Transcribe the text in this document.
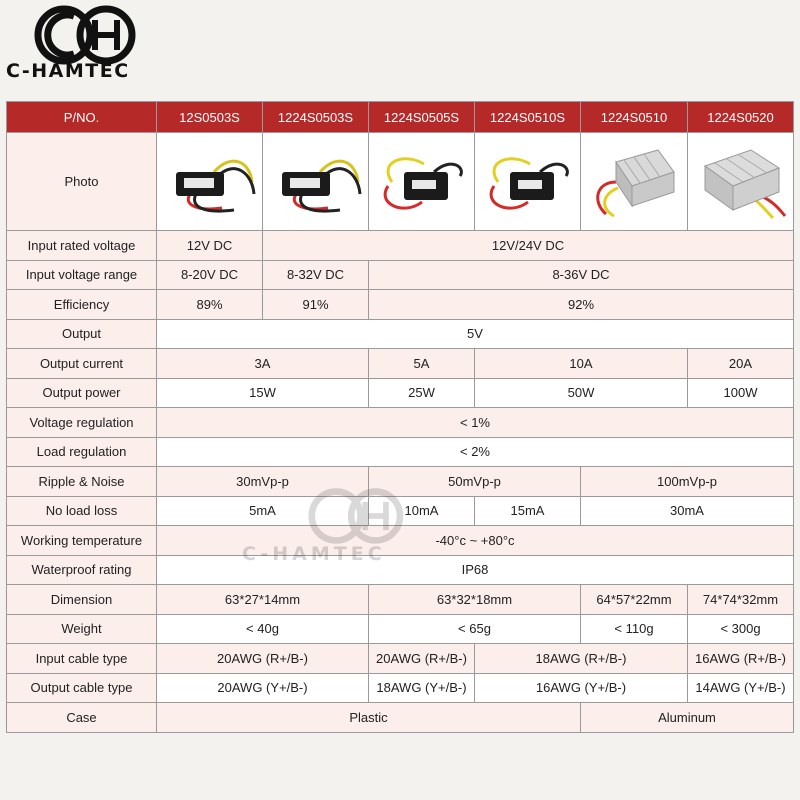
C-HAMTEC
P/NO.	12S0503S	1224S0503S	1224S0505S	1224S0510S	1224S0510	1224S0520
Photo	

Input rated voltage	12V DC	12V/24V DC				
Input voltage range	8-20V DC	8-32V DC	8-36V DC			
Efficiency	89%	91%	92%			
Output	5V					
Output current	3A		5A	10A		20A
Output power	15W		25W	50W		100W
Voltage regulation	< 1%					
Load regulation	< 2%					
Ripple & Noise	30mVp-p		50mVp-p		100mVp-p	
No load loss	5mA		10mA	15mA	30mA	
Working temperature	-40°c ~ +80°c					
Waterproof rating	IP68					
Dimension	63*27*14mm		63*32*18mm		64*57*22mm	74*74*32mm
Weight	< 40g		< 65g		< 110g	< 300g
Input cable type	20AWG (R+/B-)		20AWG (R+/B-)	18AWG (R+/B-)		16AWG (R+/B-)
Output cable type	20AWG (Y+/B-)		18AWG (Y+/B-)	16AWG (Y+/B-)		14AWG (Y+/B-)
Case	Plastic				Aluminum	
C-HAMTEC
